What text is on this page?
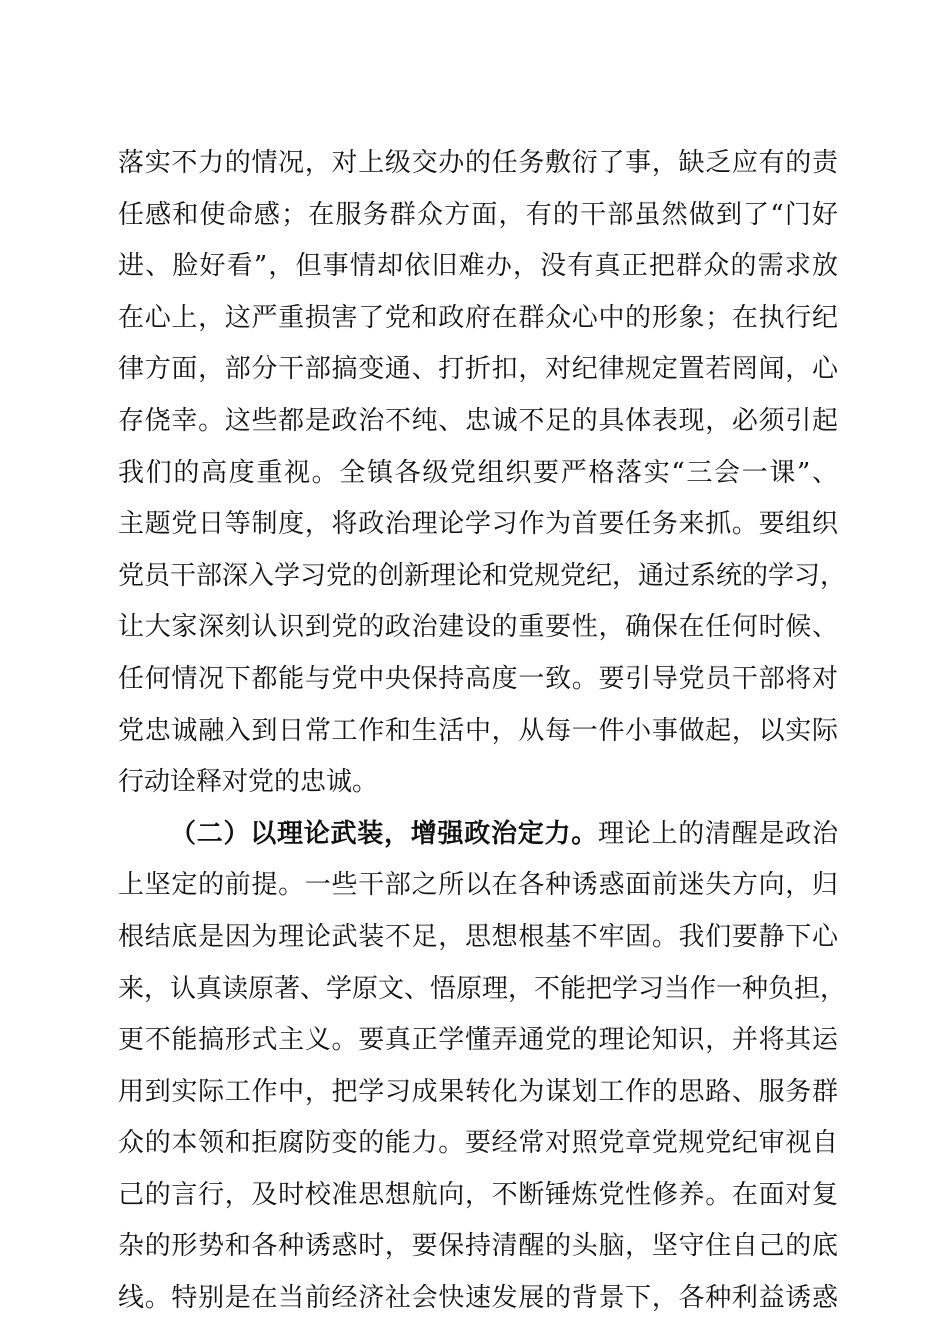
落实不力的情况，对上级交办的任务敷衍了事，缺乏应有的责
任感和使命感；在服务群众方面，有的干部虽然做到了“门好
进、脸好看”，但事情却依旧难办，没有真正把群众的需求放
在心上，这严重损害了党和政府在群众心中的形象；在执行纪
律方面，部分干部搞变通、打折扣，对纪律规定置若罔闻，心
存侥幸。这些都是政治不纯、忠诚不足的具体表现，必须引起
我们的高度重视。全镇各级党组织要严格落实“三会一课”、
主题党日等制度，将政治理论学习作为首要任务来抓。要组织
党员干部深入学习党的创新理论和党规党纪，通过系统的学习，
让大家深刻认识到党的政治建设的重要性，确保在任何时候、
任何情况下都能与党中央保持高度一致。要引导党员干部将对
党忠诚融入到日常工作和生活中，从每一件小事做起，以实际
行动诠释对党的忠诚。
（二）以理论武装，增强政治定力。理论上的清醒是政治
上坚定的前提。一些干部之所以在各种诱惑面前迷失方向，归
根结底是因为理论武装不足，思想根基不牢固。我们要静下心
来，认真读原著、学原文、悟原理，不能把学习当作一种负担，
更不能搞形式主义。要真正学懂弄通党的理论知识，并将其运
用到实际工作中，把学习成果转化为谋划工作的思路、服务群
众的本领和拒腐防变的能力。要经常对照党章党规党纪审视自
己的言行，及时校准思想航向，不断锤炼党性修养。在面对复
杂的形势和各种诱惑时，要保持清醒的头脑，坚守住自己的底
线。特别是在当前经济社会快速发展的背景下，各种利益诱惑
